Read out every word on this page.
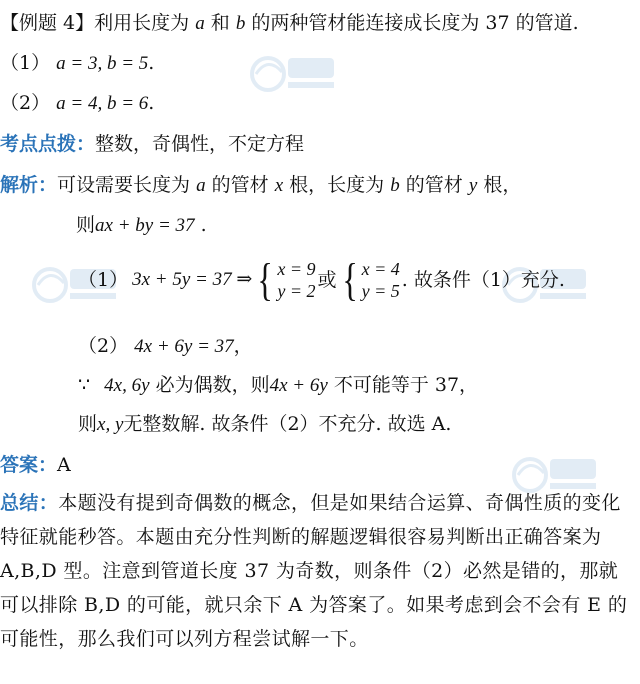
【例题 4】利用长度为 a 和 b 的两种管材能连接成长度为 37 的管道.
（1） a = 3, b = 5.
（2） a = 4, b = 6.
考点点拨：整数，奇偶性，不定方程
解析：可设需要长度为 a 的管材 x 根，长度为 b 的管材 y 根，
则ax + by = 37 .
（1） 3x + 5y = 37 ⇒ { x = 9
y = 2 或 { x = 4
y = 5 . 故条件（1）充分.
（2） 4x + 6y = 37，
∵ 4x, 6y 必为偶数，则4x + 6y 不可能等于 37，
则x, y无整数解. 故条件（2）不充分. 故选 A.
答案：A
总结：本题没有提到奇偶数的概念，但是如果结合运算、奇偶性质的变化特征就能秒答。本题由充分性判断的解题逻辑很容易判断出正确答案为 A,B,D 型。注意到管道长度 37 为奇数，则条件（2）必然是错的，那就可以排除 B,D 的可能，就只余下 A 为答案了。如果考虑到会不会有 E 的可能性，那么我们可以列方程尝试解一下。
